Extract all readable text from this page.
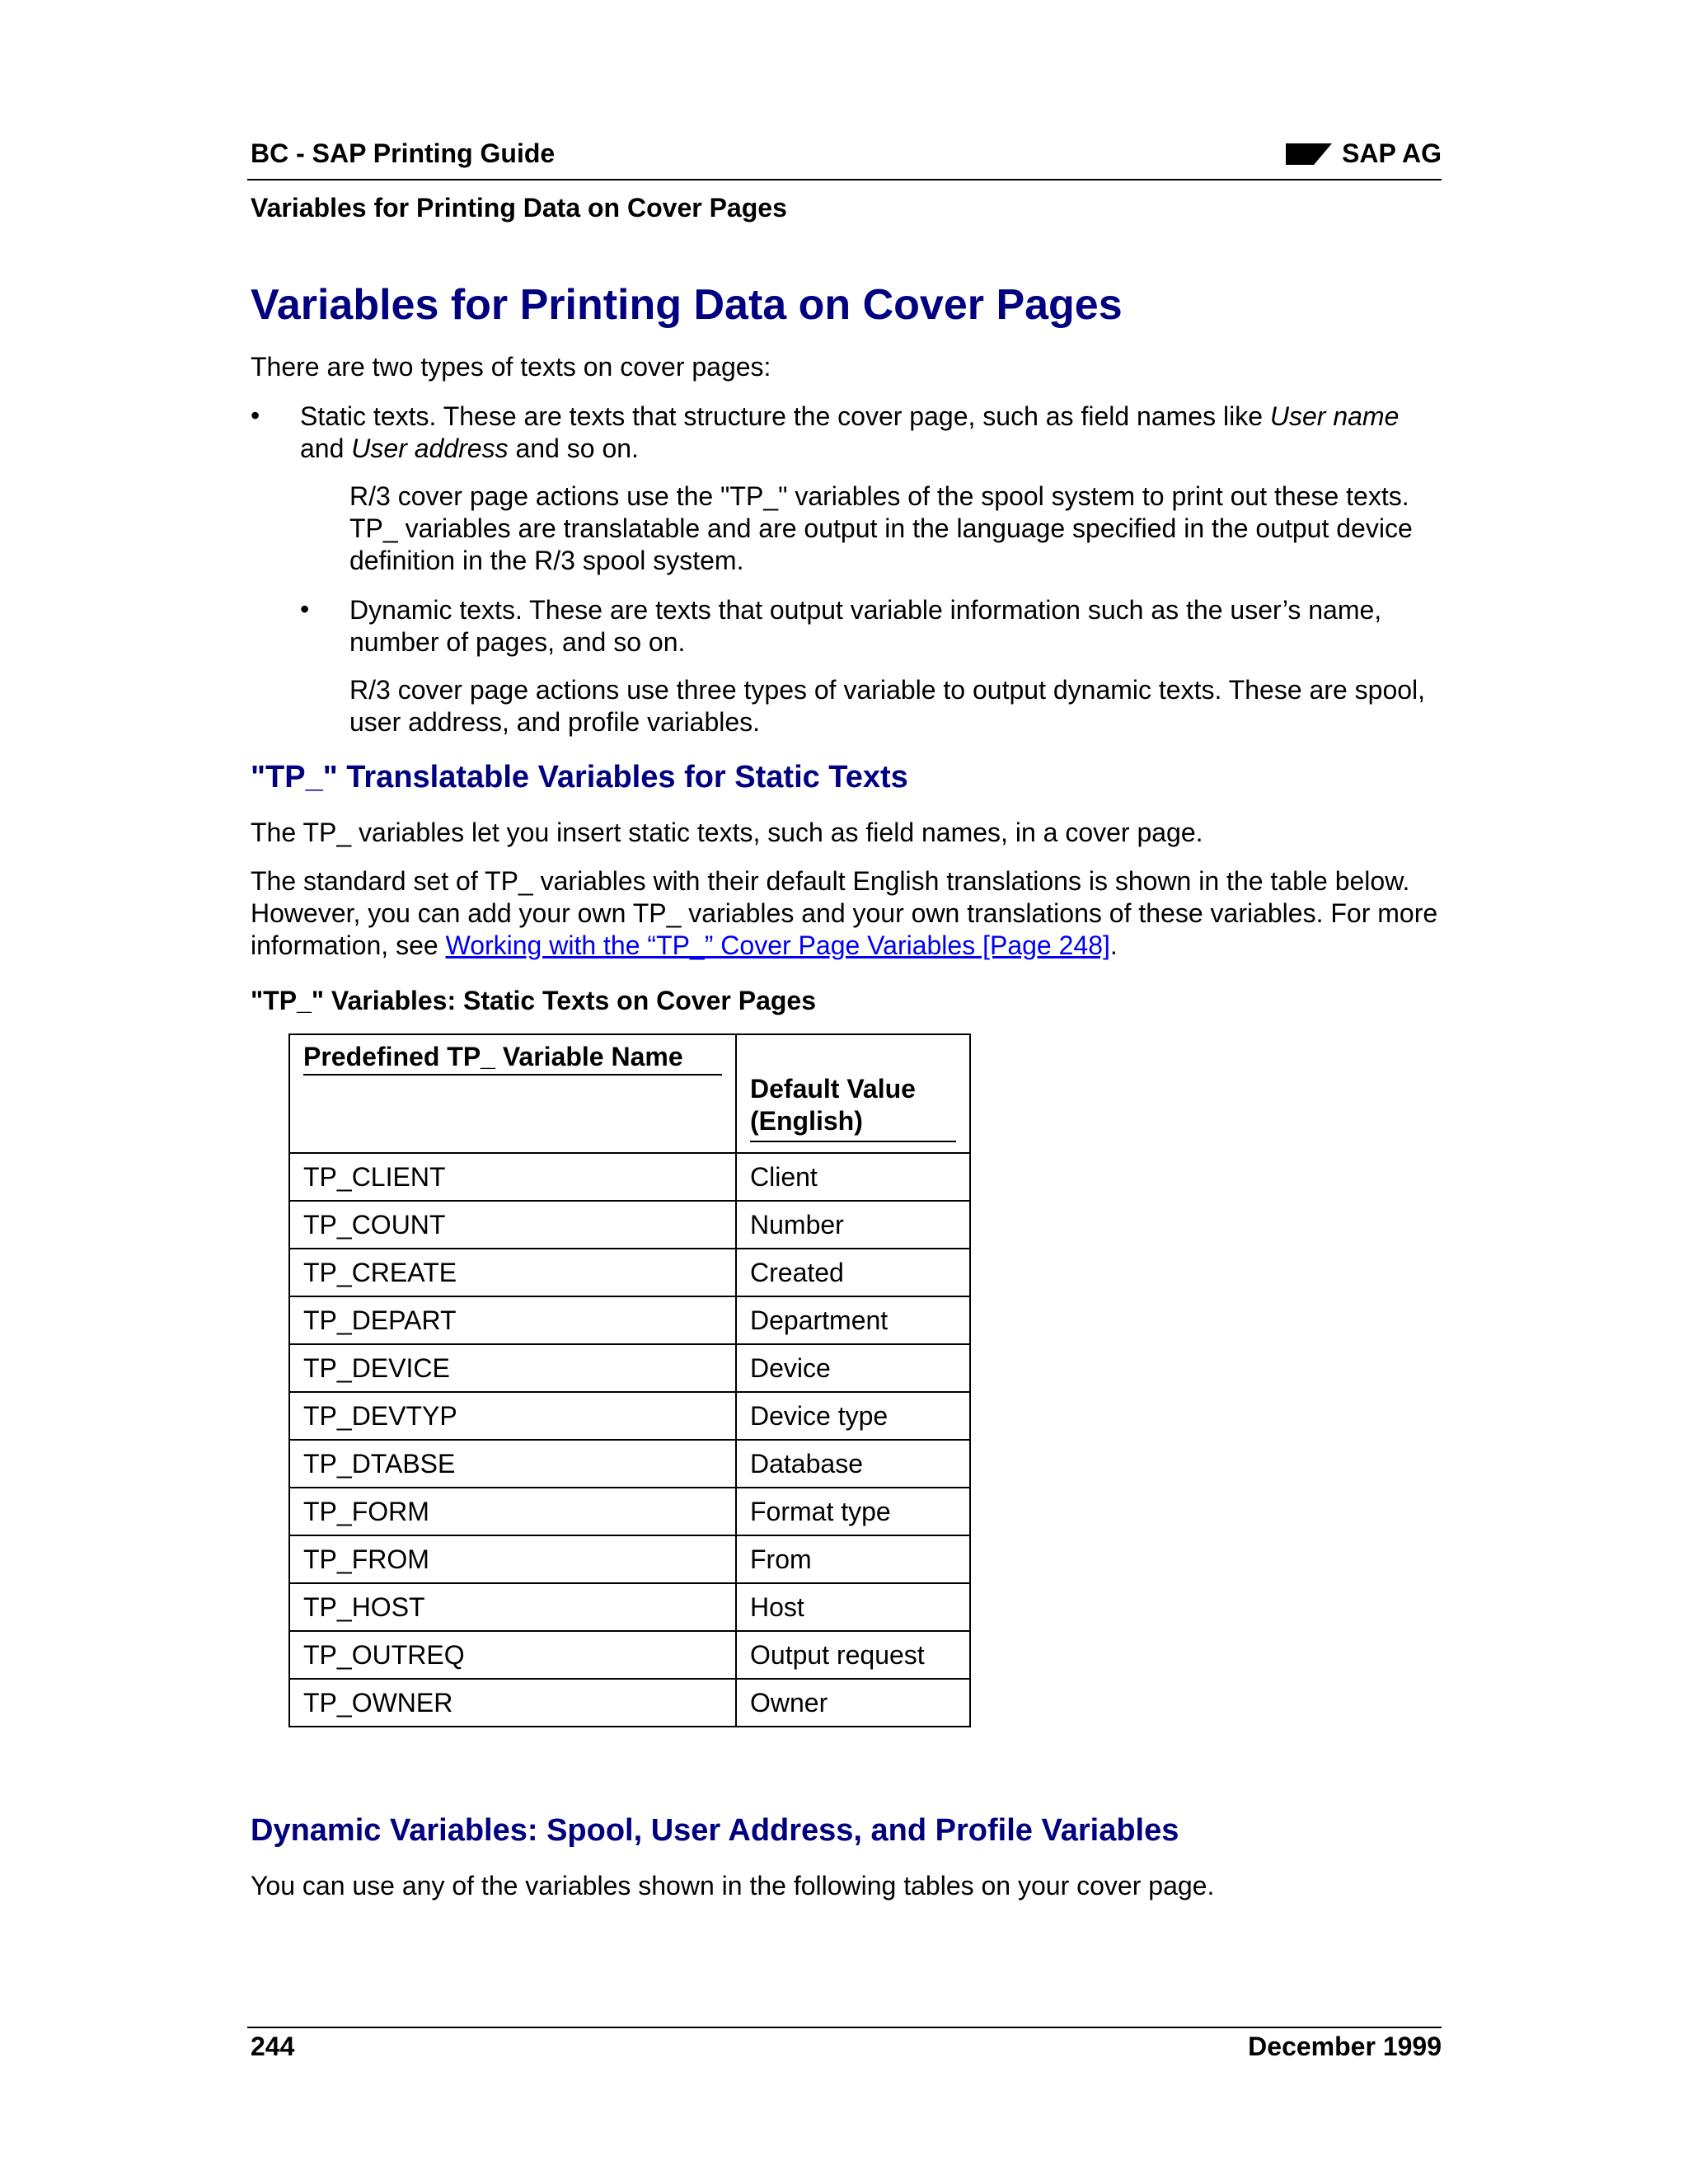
BC - SAP Printing Guide	SAP AG
Variables for Printing Data on Cover Pages
Variables for Printing Data on Cover Pages
There are two types of texts on cover pages:
• Static texts. These are texts that structure the cover page, such as field names like User name and User address and so on.
R/3 cover page actions use the "TP_" variables of the spool system to print out these texts. TP_ variables are translatable and are output in the language specified in the output device definition in the R/3 spool system.
• Dynamic texts. These are texts that output variable information such as the user’s name, number of pages, and so on.
R/3 cover page actions use three types of variable to output dynamic texts. These are spool, user address, and profile variables.
"TP_" Translatable Variables for Static Texts
The TP_ variables let you insert static texts, such as field names, in a cover page.
The standard set of TP_ variables with their default English translations is shown in the table below. However, you can add your own TP_ variables and your own translations of these variables. For more information, see Working with the “TP_” Cover Page Variables [Page 248].
"TP_" Variables: Static Texts on Cover Pages
Predefined TP_ Variable Name	Default Value (English)

TP_CLIENT	Client
TP_COUNT	Number
TP_CREATE	Created
TP_DEPART	Department
TP_DEVICE	Device
TP_DEVTYP	Device type
TP_DTABSE	Database
TP_FORM	Format type
TP_FROM	From
TP_HOST	Host
TP_OUTREQ	Output request
TP_OWNER	Owner
Dynamic Variables: Spool, User Address, and Profile Variables
You can use any of the variables shown in the following tables on your cover page.
244	December 1999
